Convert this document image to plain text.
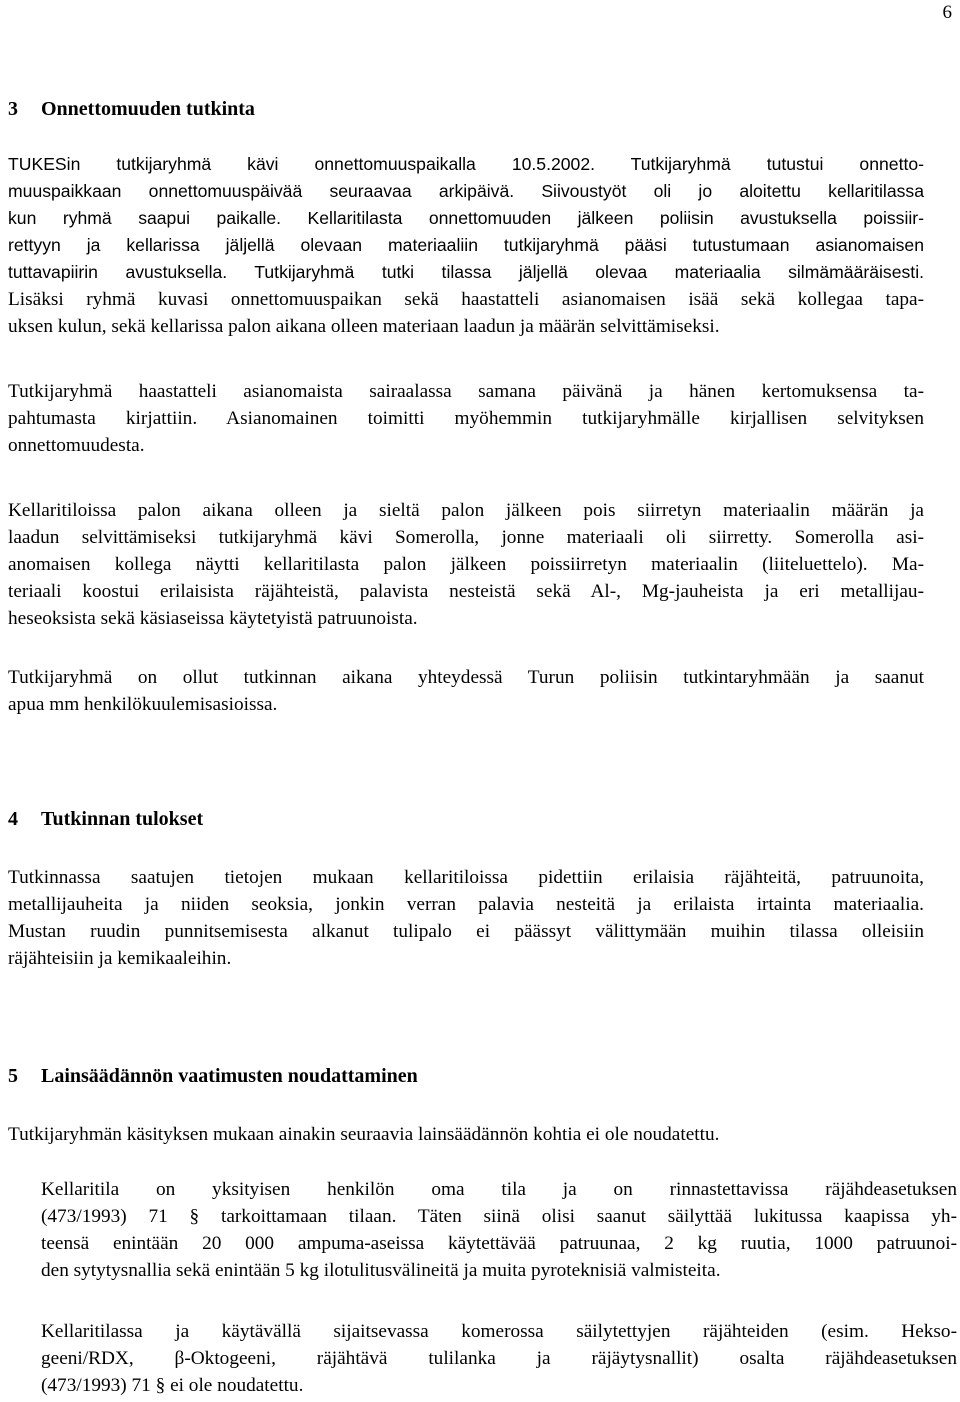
6
3 Onnettomuuden tutkinta
TUKESin tutkijaryhmä kävi onnettomuuspaikalla 10.5.2002. Tutkijaryhmä tutustui onnetto-
muuspaikkaan onnettomuuspäivää seuraavaa arkipäivä. Siivoustyöt oli jo aloitettu kellaritilassa
kun ryhmä saapui paikalle. Kellaritilasta onnettomuuden jälkeen poliisin avustuksella poissiir-
rettyyn ja kellarissa jäljellä olevaan materiaaliin tutkijaryhmä pääsi tutustumaan asianomaisen
tuttavapiirin avustuksella. Tutkijaryhmä tutki tilassa jäljellä olevaa materiaalia silmämääräisesti.
Lisäksi ryhmä kuvasi onnettomuuspaikan sekä haastatteli asianomaisen isää sekä kollegaa tapa-
uksen kulun, sekä kellarissa palon aikana olleen materiaan laadun ja määrän selvittämiseksi.
Tutkijaryhmä haastatteli asianomaista sairaalassa samana päivänä ja hänen kertomuksensa ta-
pahtumasta kirjattiin. Asianomainen toimitti myöhemmin tutkijaryhmälle kirjallisen selvityksen
onnettomuudesta.
Kellaritiloissa palon aikana olleen ja sieltä palon jälkeen pois siirretyn materiaalin määrän ja
laadun selvittämiseksi tutkijaryhmä kävi Somerolla, jonne materiaali oli siirretty. Somerolla asi-
anomaisen kollega näytti kellaritilasta palon jälkeen poissiirretyn materiaalin (liiteluettelo). Ma-
teriaali koostui erilaisista räjähteistä, palavista nesteistä sekä Al-, Mg-jauheista ja eri metallijau-
heseoksista sekä käsiaseissa käytetyistä patruunoista.
Tutkijaryhmä on ollut tutkinnan aikana yhteydessä Turun poliisin tutkintaryhmään ja saanut
apua mm henkilökuulemisasioissa.
4 Tutkinnan tulokset
Tutkinnassa saatujen tietojen mukaan kellaritiloissa pidettiin erilaisia räjähteitä, patruunoita,
metallijauheita ja niiden seoksia, jonkin verran palavia nesteitä ja erilaista irtainta materiaalia.
Mustan ruudin punnitsemisesta alkanut tulipalo ei päässyt välittymään muihin tilassa olleisiin
räjähteisiin ja kemikaaleihin.
5 Lainsäädännön vaatimusten noudattaminen
Tutkijaryhmän käsityksen mukaan ainakin seuraavia lainsäädännön kohtia ei ole noudatettu.
Kellaritila on yksityisen henkilön oma tila ja on rinnastettavissa räjähdeasetuksen
(473/1993) 71 § tarkoittamaan tilaan. Täten siinä olisi saanut säilyttää lukitussa kaapissa yh-
teensä enintään 20 000 ampuma-aseissa käytettävää patruunaa, 2 kg ruutia, 1000 patruunoi-
den sytytysnallia sekä enintään 5 kg ilotulitusvälineitä ja muita pyroteknisiä valmisteita.
Kellaritilassa ja käytävällä sijaitsevassa komerossa säilytettyjen räjähteiden (esim. Hekso-
geeni/RDX, β-Oktogeeni, räjähtävä tulilanka ja räjäytysnallit) osalta räjähdeasetuksen
(473/1993) 71 § ei ole noudatettu.
